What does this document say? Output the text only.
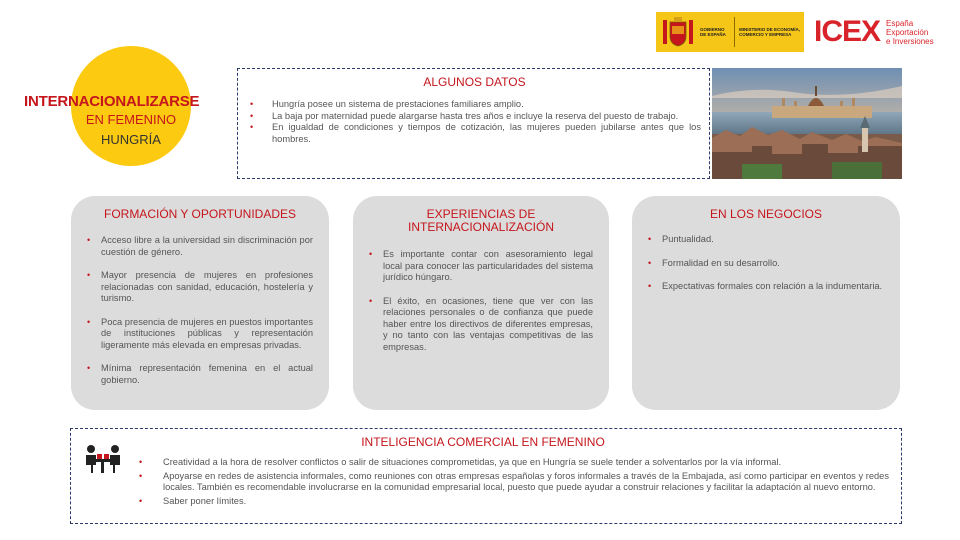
GOBIERNO DE ESPAÑA
MINISTERIO DE ECONOMÍA, COMERCIO Y EMPRESA ICEX España
Exportación
e Inversiones
INTERNACIONALIZARSE
EN FEMENINO
HUNGRÍA
ALGUNOS DATOS
• Hungría posee un sistema de prestaciones familiares amplio.
• La baja por maternidad puede alargarse hasta tres años e incluye la reserva del puesto de trabajo.
• En igualdad de condiciones y tiempos de cotización, las mujeres pueden jubilarse antes que los hombres.
FORMACIÓN Y OPORTUNIDADES
• Acceso libre a la universidad sin discriminación por cuestión de género.
• Mayor presencia de mujeres en profesiones relacionadas con sanidad, educación, hostelería y turismo.
• Poca presencia de mujeres en puestos importantes de instituciones públicas y representación ligeramente más elevada en empresas privadas.
• Mínima representación femenina en el actual gobierno.
EXPERIENCIAS DE
INTERNACIONALIZACIÓN
• Es importante contar con asesoramiento legal local para conocer las particularidades del sistema jurídico húngaro.
• El éxito, en ocasiones, tiene que ver con las relaciones personales o de confianza que puede haber entre los directivos de diferentes empresas, y no tanto con las ventajas competitivas de las empresas.
EN LOS NEGOCIOS
• Puntualidad.
• Formalidad en su desarrollo.
• Expectativas formales con relación a la indumentaria.
INTELIGENCIA COMERCIAL EN FEMENINO
• Creatividad a la hora de resolver conflictos o salir de situaciones comprometidas, ya que en Hungría se suele tender a solventarlos por la vía informal.
• Apoyarse en redes de asistencia informales, como reuniones con otras empresas españolas y foros informales a través de la Embajada, así como participar en eventos y redes locales. También es recomendable involucrarse en la comunidad empresarial local, puesto que puede ayudar a construir relaciones y facilitar la adaptación al nuevo entorno.
• Saber poner límites.
